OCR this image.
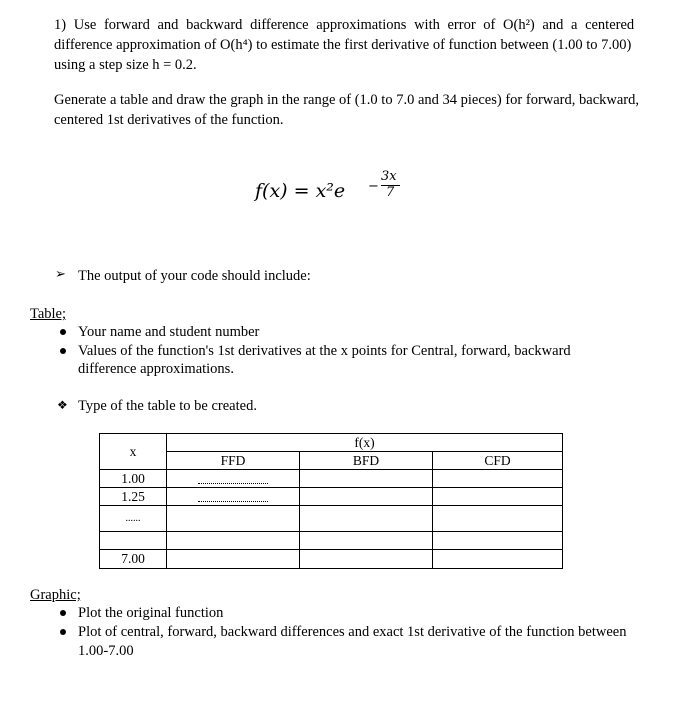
1) Use forward and backward difference approximations with error of O(h²) and a centered
difference approximation of O(h⁴) to estimate the first derivative of function between (1.00 to 7.00)
using a step size h = 0.2.
Generate a table and draw the graph in the range of (1.0 to 7.0 and 34 pieces) for forward, backward,
centered 1st derivatives of the function.
f(x) = x²e −
3x
7
➢ The output of your code should include:
Table;
Your name and student number
Values of the function's 1st derivatives at the x points for Central, forward, backward
difference approximations.
❖ Type of the table to be created.
x	f(x)		
	FFD	BFD	CFD
1.00			
1.25			
......			

7.00			
Graphic;
Plot the original function
Plot of central, forward, backward differences and exact 1st derivative of the function between
1.00-7.00
